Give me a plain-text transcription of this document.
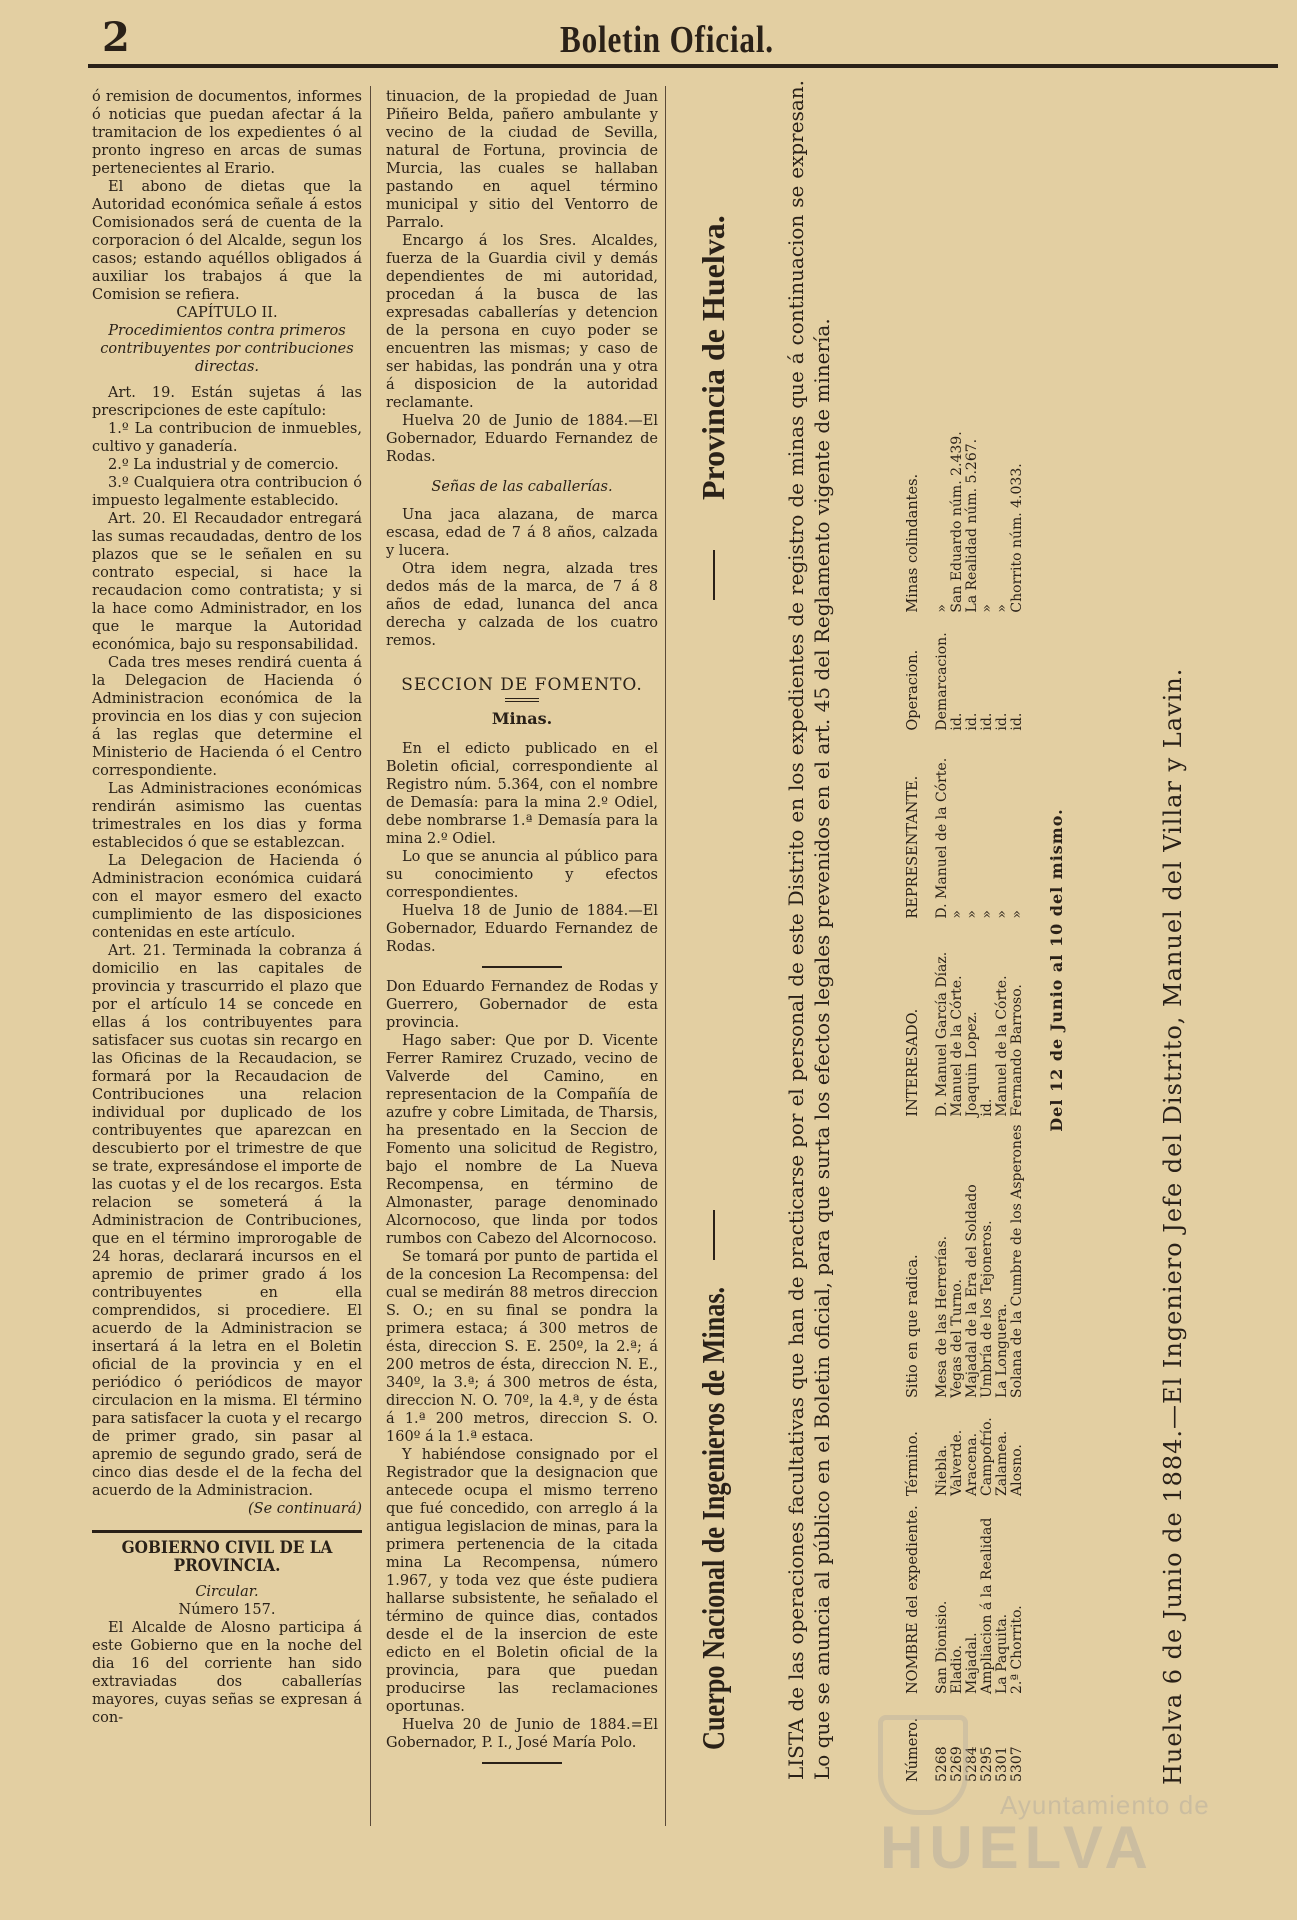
2	Boletin Oficial.

ó remision de documentos, informes ó noticias que puedan afectar á la tramitacion de los expedientes ó al pronto ingreso en arcas de sumas pertenecientes al Erario.

El abono de dietas que la Autoridad económica señale á estos Comisionados será de cuenta de la corporacion ó del Alcalde, segun los casos; estando aquéllos obligados á auxiliar los trabajos á que la Comision se refiera.

CAPÍTULO II.

Procedimientos contra primeros contribuyentes por contribuciones directas.

Art. 19. Están sujetas á las prescripciones de este capítulo:

1.º La contribucion de inmuebles, cultivo y ganadería.

2.º La industrial y de comercio.

3.º Cualquiera otra contribucion ó impuesto legalmente establecido.

Art. 20. El Recaudador entregará las sumas recaudadas, dentro de los plazos que se le señalen en su contrato especial, si hace la recaudacion como contratista; y si la hace como Administrador, en los que le marque la Autoridad económica, bajo su responsabilidad.

Cada tres meses rendirá cuenta á la Delegacion de Hacienda ó Administracion económica de la provincia en los dias y con sujecion á las reglas que determine el Ministerio de Hacienda ó el Centro correspondiente.

Las Administraciones económicas rendirán asimismo las cuentas trimestrales en los dias y forma establecidos ó que se establezcan.

La Delegacion de Hacienda ó Administracion económica cuidará con el mayor esmero del exacto cumplimiento de las disposiciones contenidas en este artículo.

Art. 21. Terminada la cobranza á domicilio en las capitales de provincia y trascurrido el plazo que por el artículo 14 se concede en ellas á los contribuyentes para satisfacer sus cuotas sin recargo en las Oficinas de la Recaudacion, se formará por la Recaudacion de Contribuciones una relacion individual por duplicado de los contribuyentes que aparezcan en descubierto por el trimestre de que se trate, expresándose el importe de las cuotas y el de los recargos. Esta relacion se someterá á la Administracion de Contribuciones, que en el término improrogable de 24 horas, declarará incursos en el apremio de primer grado á los contribuyentes en ella comprendidos, si procediere. El acuerdo de la Administracion se insertará á la letra en el Boletin oficial de la provincia y en el periódico ó periódicos de mayor circulacion en la misma. El término para satisfacer la cuota y el recargo de primer grado, sin pasar al apremio de segundo grado, será de cinco dias desde el de la fecha del acuerdo de la Administracion.

(Se continuará)

GOBIERNO CIVIL DE LA PROVINCIA.

Circular.

Número 157.

El Alcalde de Alosno participa á este Gobierno que en la noche del dia 16 del corriente han sido extraviadas dos caballerías mayores, cuyas señas se expresan á con-

tinuacion, de la propiedad de Juan Piñeiro Belda, pañero ambulante y vecino de la ciudad de Sevilla, natural de Fortuna, provincia de Murcia, las cuales se hallaban pastando en aquel término municipal y sitio del Ventorro de Parralo.

Encargo á los Sres. Alcaldes, fuerza de la Guardia civil y demás dependientes de mi autoridad, procedan á la busca de las expresadas caballerías y detencion de la persona en cuyo poder se encuentren las mismas; y caso de ser habidas, las pondrán una y otra á disposicion de la autoridad reclamante.

Huelva 20 de Junio de 1884.—El Gobernador, Eduardo Fernandez de Rodas.

Señas de las caballerías.

Una jaca alazana, de marca escasa, edad de 7 á 8 años, calzada y lucera.

Otra idem negra, alzada tres dedos más de la marca, de 7 á 8 años de edad, lunanca del anca derecha y calzada de los cuatro remos.

SECCION DE FOMENTO.
Minas.

En el edicto publicado en el Boletin oficial, correspondiente al Registro núm. 5.364, con el nombre de Demasía: para la mina 2.º Odiel, debe nombrarse 1.ª Demasía para la mina 2.º Odiel.

Lo que se anuncia al público para su conocimiento y efectos correspondientes.

Huelva 18 de Junio de 1884.—El Gobernador, Eduardo Fernandez de Rodas.

Don Eduardo Fernandez de Rodas y Guerrero, Gobernador de esta provincia.

Hago saber: Que por D. Vicente Ferrer Ramirez Cruzado, vecino de Valverde del Camino, en representacion de la Compañía de azufre y cobre Limitada, de Tharsis, ha presentado en la Seccion de Fomento una solicitud de Registro, bajo el nombre de La Nueva Recompensa, en término de Almonaster, parage denominado Alcornocoso, que linda por todos rumbos con Cabezo del Alcornocoso.

Se tomará por punto de partida el de la concesion La Recompensa: del cual se medirán 88 metros direccion S. O.; en su final se pondra la primera estaca; á 300 metros de ésta, direccion S. E. 250º, la 2.ª; á 200 metros de ésta, direccion N. E., 340º, la 3.ª; á 300 metros de ésta, direccion N. O. 70º, la 4.ª, y de ésta á 1.ª 200 metros, direccion S. O. 160º á la 1.ª estaca.

Y habiéndose consignado por el Registrador que la designacion que antecede ocupa el mismo terreno que fué concedido, con arreglo á la antigua legislacion de minas, para la primera pertenencia de la citada mina La Recompensa, número 1.967, y toda vez que éste pudiera hallarse subsistente, he señalado el término de quince dias, contados desde el de la insercion de este edicto en el Boletin oficial de la provincia, para que puedan producirse las reclamaciones oportunas.

Huelva 20 de Junio de 1884.=El Gobernador, P. I., José María Polo.	Cuerpo Nacional de Ingenieros de Minas.
Provincia de Huelva.	LISTA de las operaciones facultativas que han de practicarse por el personal de este Distrito en los expedientes de registro de minas que á continuacion se expresan. Lo que se anuncia al público en el Boletin oficial, para que surta los efectos legales prevenidos en el art. 45 del Reglamento vigente de minería.	Número.	NOMBRE del expediente.	Término.	Sitio en que radica.	INTERESADO.	REPRESENTANTE.	Operacion.	Minas colindantes.
5268	San Dionisio.	Niebla.	Mesa de las Herrerías.	D. Manuel García Díaz.	D. Manuel de la Córte.	Demarcacion.	»
5269	Eladio.	Valverde.	Vegas del Turno.	Manuel de la Córte.	»	id.	San Eduardo núm. 2.439.
5284	Majadal.	Aracena.	Majadal de la Era del Soldado	Joaquin Lopez.	»	id.	La Realidad núm. 5.267.
5295	Ampliacion á la Realidad	Campofrío.	Umbría de los Tejoneros.	id.	»	id.	»
5301	La Paquita.	Zalamea.	La Longuera.	Manuel de la Córte.	»	id.	»
5307	2.ª Chorrito.	Alosno.	Solana de la Cumbre de los Asperones	Fernando Barroso.	»	id.	Chorrito núm. 4.033.
Del 12 de Junio al 10 del mismo.	Huelva 6 de Junio de 1884.—El Ingeniero Jefe del Distrito, Manuel del Villar y Lavin.
Ayuntamiento de
HUELVA
